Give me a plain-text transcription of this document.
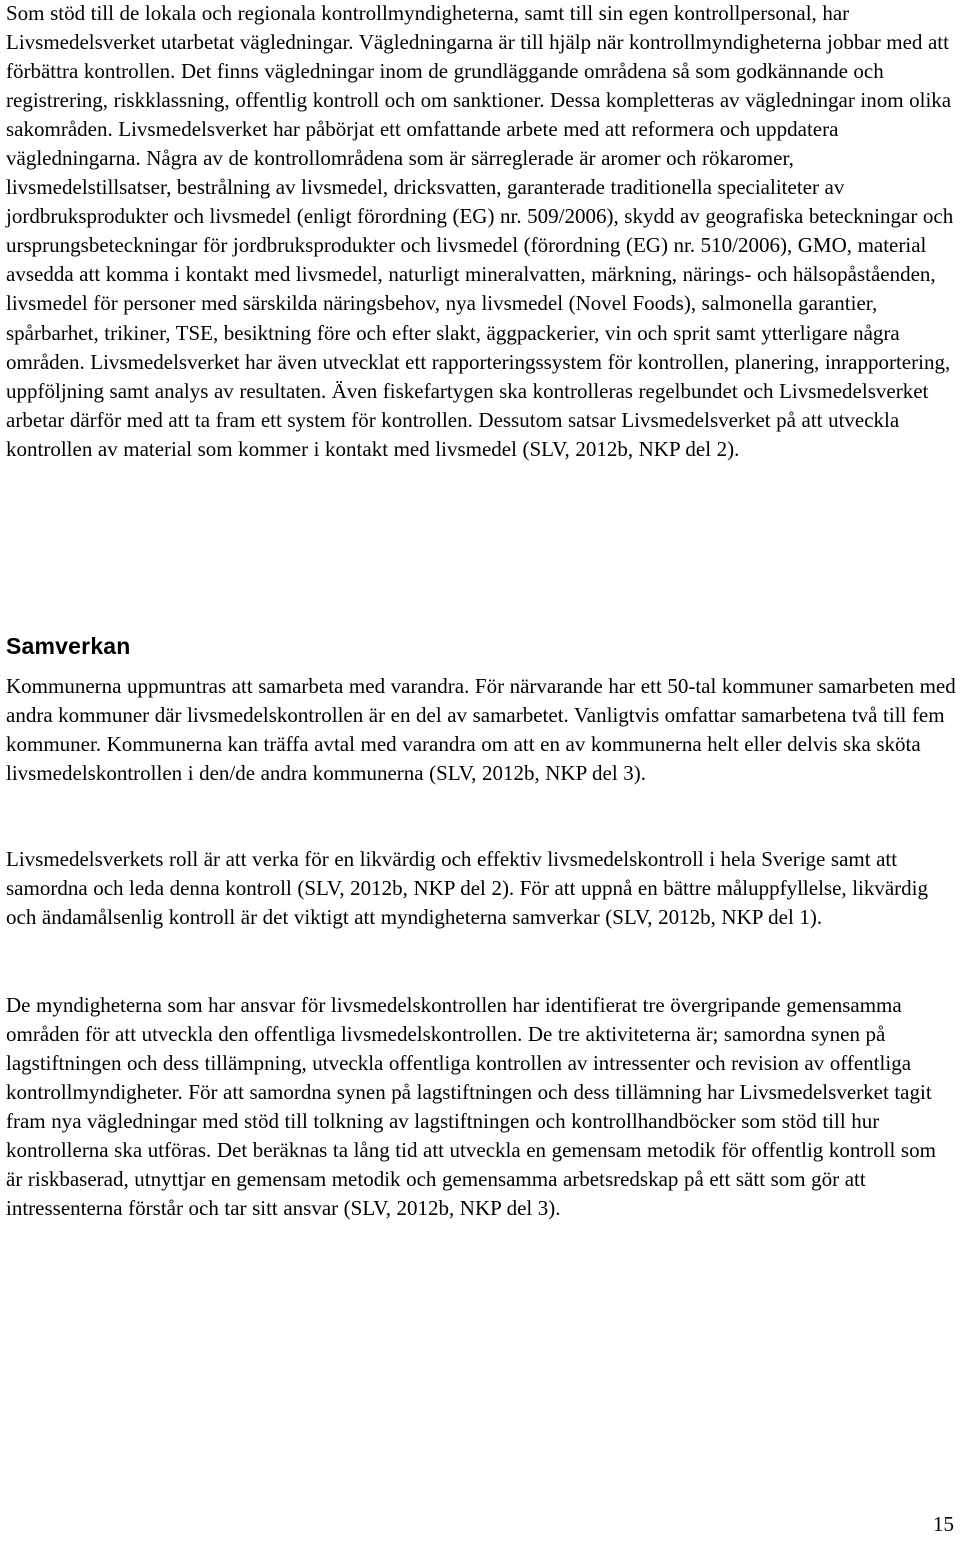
Som stöd till de lokala och regionala kontrollmyndigheterna, samt till sin egen kontrollpersonal, har Livsmedelsverket utarbetat vägledningar. Vägledningarna är till hjälp när kontrollmyndigheterna jobbar med att förbättra kontrollen. Det finns vägledningar inom de grundläggande områdena så som godkännande och registrering, riskklassning, offentlig kontroll och om sanktioner. Dessa kompletteras av vägledningar inom olika sakområden. Livsmedelsverket har påbörjat ett omfattande arbete med att reformera och uppdatera vägledningarna. Några av de kontrollområdena som är särreglerade är aromer och rökaromer, livsmedelstillsatser, bestrålning av livsmedel, dricksvatten, garanterade traditionella specialiteter av jordbruksprodukter och livsmedel (enligt förordning (EG) nr. 509/2006), skydd av geografiska beteckningar och ursprungsbeteckningar för jordbruksprodukter och livsmedel (förordning (EG) nr. 510/2006), GMO, material avsedda att komma i kontakt med livsmedel, naturligt mineralvatten, märkning, närings- och hälsopåståenden, livsmedel för personer med särskilda näringsbehov, nya livsmedel (Novel Foods), salmonella garantier, spårbarhet, trikiner, TSE, besiktning före och efter slakt, äggpackerier, vin och sprit samt ytterligare några områden. Livsmedelsverket har även utvecklat ett rapporteringssystem för kontrollen, planering, inrapportering, uppföljning samt analys av resultaten. Även fiskefartygen ska kontrolleras regelbundet och Livsmedelsverket arbetar därför med att ta fram ett system för kontrollen. Dessutom satsar Livsmedelsverket på att utveckla kontrollen av material som kommer i kontakt med livsmedel (SLV, 2012b, NKP del 2).

Samverkan

Kommunerna uppmuntras att samarbeta med varandra. För närvarande har ett 50-tal kommuner samarbeten med andra kommuner där livsmedelskontrollen är en del av samarbetet. Vanligtvis omfattar samarbetena två till fem kommuner. Kommunerna kan träffa avtal med varandra om att en av kommunerna helt eller delvis ska sköta livsmedelskontrollen i den/de andra kommunerna (SLV, 2012b, NKP del 3).

Livsmedelsverkets roll är att verka för en likvärdig och effektiv livsmedelskontroll i hela Sverige samt att samordna och leda denna kontroll (SLV, 2012b, NKP del 2). För att uppnå en bättre måluppfyllelse, likvärdig och ändamålsenlig kontroll är det viktigt att myndigheterna samverkar (SLV, 2012b, NKP del 1).

De myndigheterna som har ansvar för livsmedelskontrollen har identifierat tre övergripande gemensamma områden för att utveckla den offentliga livsmedelskontrollen. De tre aktiviteterna är; samordna synen på lagstiftningen och dess tillämpning, utveckla offentliga kontrollen av intressenter och revision av offentliga kontrollmyndigheter. För att samordna synen på lagstiftningen och dess tillämning har Livsmedelsverket tagit fram nya vägledningar med stöd till tolkning av lagstiftningen och kontrollhandböcker som stöd till hur kontrollerna ska utföras. Det beräknas ta lång tid att utveckla en gemensam metodik för offentlig kontroll som är riskbaserad, utnyttjar en gemensam metodik och gemensamma arbetsredskap på ett sätt som gör att intressenterna förstår och tar sitt ansvar (SLV, 2012b, NKP del 3).

15
